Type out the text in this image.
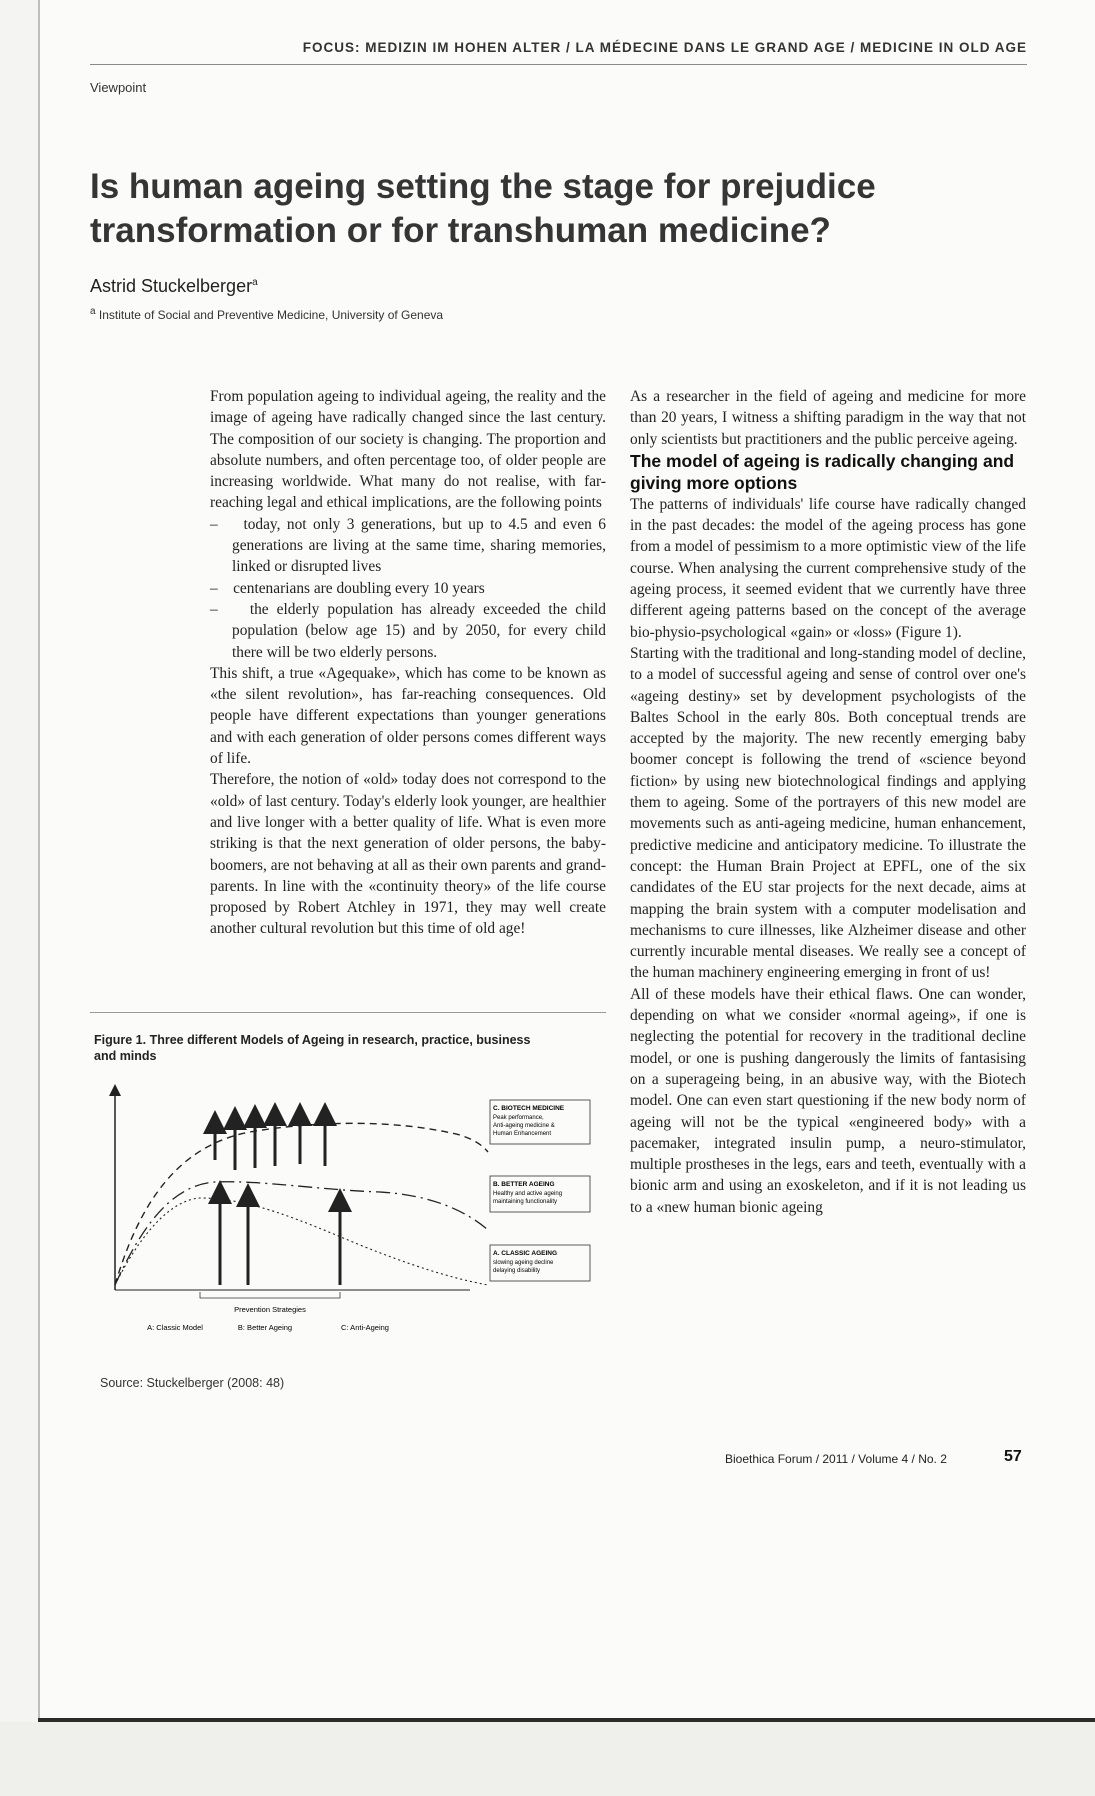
FOCUS: MEDIZIN IM HOHEN ALTER / LA MÉDECINE DANS LE GRAND AGE / MEDICINE IN OLD AGE
Viewpoint
Is human ageing setting the stage for prejudice transformation or for transhuman medicine?
Astrid Stuckelberger$^a$
$^a$ Institute of Social and Preventive Medicine, University of Geneva

From population ageing to individual ageing, the reality and the image of ageing have radically changed since the last century. The composition of our society is changing. The proportion and absolute numbers, and often percentage too, of older people are increasing worldwide. What many do not realise, with far-reaching legal and ethical implications, are the following points

–    today, not only 3 generations, but up to 4.5 and even 6 generations are living at the same time, sharing memories, linked or disrupted lives

–    centenarians are doubling every 10 years

–    the elderly population has already exceeded the child population (below age 15) and by 2050, for every child there will be two elderly persons.

This shift, a true «Agequake», which has come to be known as «the silent revolution», has far-reaching consequences. Old people have different expectations than younger generations and with each generation of older persons comes different ways of life.

Therefore, the notion of «old» today does not correspond to the «old» of last century. Today's elderly look younger, are healthier and live longer with a better quality of life. What is even more striking is that the next generation of older persons, the baby-boomers, are not behaving at all as their own parents and grand-parents. In line with the «continuity theory» of the life course proposed by Robert Atchley in 1971, they may well create another cultural revolution but this time of old age!

Figure 1. Three different Models of Ageing in research, practice, business and minds
C. BIOTECH MEDICINE
Peak performance,
Anti-ageing medicine &
Human Enhancement
B. BETTER AGEING
Healthy and active ageing
maintaining functionality
A. CLASSIC AGEING
slowing ageing decline
delaying disability
Prevention Strategies
A: Classic Model	B: Better Ageing	C: Anti-Ageing
Source: Stuckelberger (2008: 48)

As a researcher in the field of ageing and medicine for more than 20 years, I witness a shifting paradigm in the way that not only scientists but practitioners and the public perceive ageing.

The model of ageing is radically changing and giving more options

The patterns of individuals' life course have radically changed in the past decades: the model of the ageing process has gone from a model of pessimism to a more optimistic view of the life course. When analysing the current comprehensive study of the ageing process, it seemed evident that we currently have three different ageing patterns based on the concept of the average bio-physio-psychological «gain» or «loss» (Figure 1).

Starting with the traditional and long-standing model of decline, to a model of successful ageing and sense of control over one's «ageing destiny» set by development psychologists of the Baltes School in the early 80s. Both conceptual trends are accepted by the majority. The new recently emerging baby boomer concept is following the trend of «science beyond fiction» by using new biotechnological findings and applying them to ageing. Some of the portrayers of this new model are movements such as anti-ageing medicine, human enhancement, predictive medicine and anticipatory medicine. To illustrate the concept: the Human Brain Project at EPFL, one of the six candidates of the EU star projects for the next decade, aims at mapping the brain system with a computer modelisation and mechanisms to cure illnesses, like Alzheimer disease and other currently incurable mental diseases. We really see a concept of the human machinery engineering emerging in front of us!

All of these models have their ethical flaws. One can wonder, depending on what we consider «normal ageing», if one is neglecting the potential for recovery in the traditional decline model, or one is pushing dangerously the limits of fantasising on a superageing being, in an abusive way, with the Biotech model. One can even start questioning if the new body norm of ageing will not be the typical «engineered body» with a pacemaker, integrated insulin pump, a neuro-stimulator, multiple prostheses in the legs, ears and teeth, eventually with a bionic arm and using an exoskeleton, and if it is not leading us to a «new human bionic ageing

Bioethica Forum / 2011 / Volume 4 / No. 2	57
